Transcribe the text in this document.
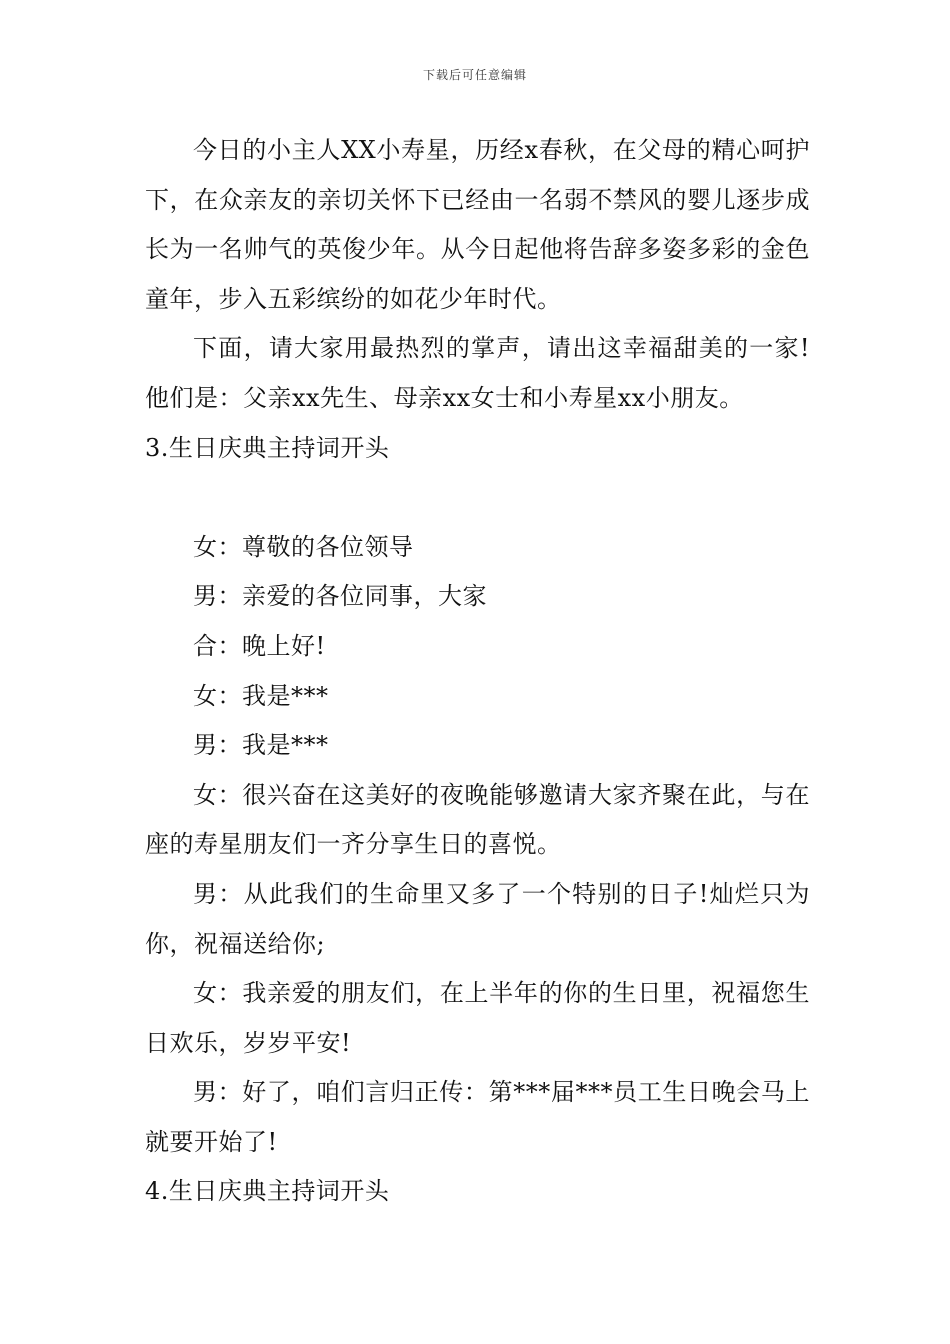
下载后可任意编辑

今日的小主人XX小寿星，历经x春秋，在父母的精心呵护下，在众亲友的亲切关怀下已经由一名弱不禁风的婴儿逐步成长为一名帅气的英俊少年。从今日起他将告辞多姿多彩的金色童年，步入五彩缤纷的如花少年时代。

下面，请大家用最热烈的掌声，请出这幸福甜美的一家!他们是：父亲xx先生、母亲xx女士和小寿星xx小朋友。

3.生日庆典主持词开头

女：尊敬的各位领导

男：亲爱的各位同事，大家

合：晚上好!

女：我是***

男：我是***

女：很兴奋在这美好的夜晚能够邀请大家齐聚在此，与在座的寿星朋友们一齐分享生日的喜悦。

男：从此我们的生命里又多了一个特别的日子!灿烂只为你，祝福送给你;

女：我亲爱的朋友们，在上半年的你的生日里，祝福您生日欢乐，岁岁平安!

男：好了，咱们言归正传：第***届***员工生日晚会马上就要开始了!

4.生日庆典主持词开头
